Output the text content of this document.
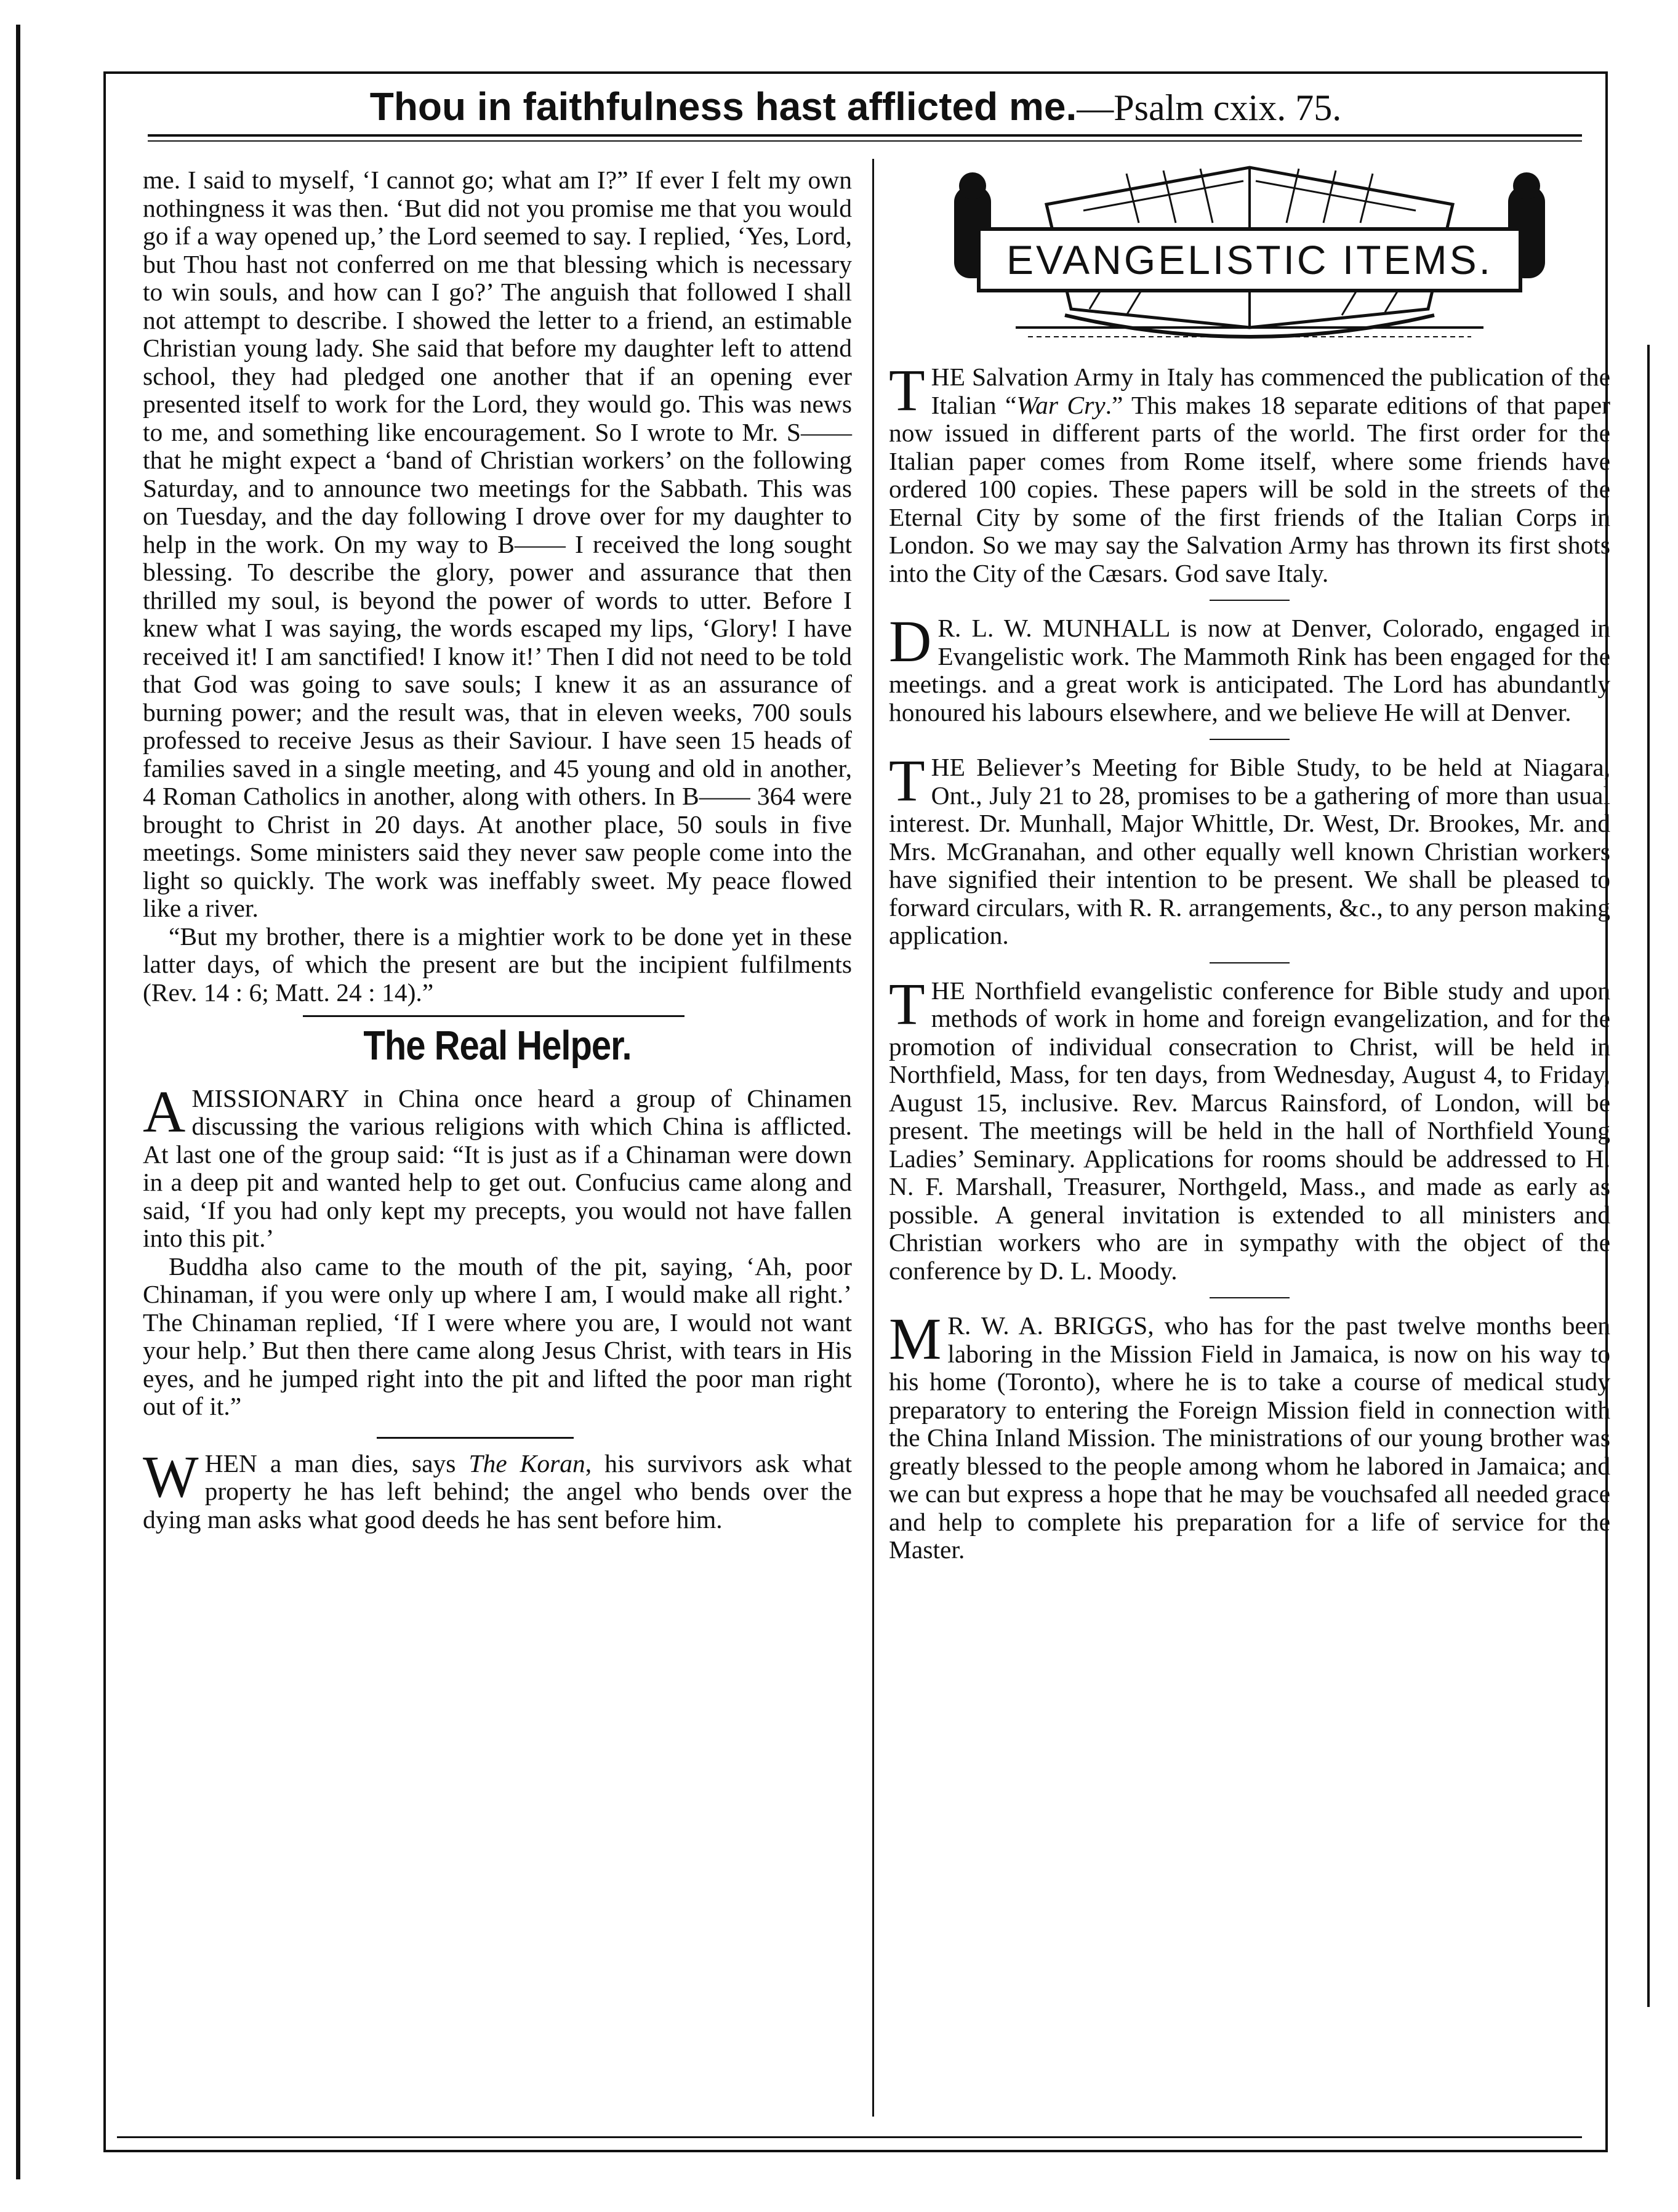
Thou in faithfulness hast afflicted me.—Psalm cxix. 75.

me. I said to myself, ‘I cannot go; what am I?” If ever I felt my own nothingness it was then. ‘But did not you promise me that you would go if a way opened up,’ the Lord seemed to say. I replied, ‘Yes, Lord, but Thou hast not conferred on me that blessing which is necessary to win souls, and how can I go?’ The anguish that followed I shall not attempt to describe. I showed the letter to a friend, an estimable Christian young lady. She said that before my daughter left to attend school, they had pledged one another that if an opening ever presented itself to work for the Lord, they would go. This was news to me, and something like encouragement. So I wrote to Mr. S—— that he might expect a ‘band of Christian workers’ on the following Saturday, and to announce two meetings for the Sabbath. This was on Tuesday, and the day following I drove over for my daughter to help in the work. On my way to B—— I received the long sought blessing. To describe the glory, power and assurance that then thrilled my soul, is beyond the power of words to utter. Before I knew what I was saying, the words escaped my lips, ‘Glory! I have received it! I am sanctified! I know it!’ Then I did not need to be told that God was going to save souls; I knew it as an assurance of burning power; and the result was, that in eleven weeks, 700 souls professed to receive Jesus as their Saviour. I have seen 15 heads of families saved in a single meeting, and 45 young and old in another, 4 Roman Catholics in another, along with others. In B—— 364 were brought to Christ in 20 days. At another place, 50 souls in five meetings. Some ministers said they never saw people come into the light so quickly. The work was ineffably sweet. My peace flowed like a river.

“But my brother, there is a mightier work to be done yet in these latter days, of which the present are but the incipient fulfilments (Rev. 14 : 6; Matt. 24 : 14).”

The Real Helper.

AMISSIONARY in China once heard a group of Chinamen discussing the various religions with which China is afflicted. At last one of the group said: “It is just as if a Chinaman were down in a deep pit and wanted help to get out. Confucius came along and said, ‘If you had only kept my precepts, you would not have fallen into this pit.’

Buddha also came to the mouth of the pit, saying, ‘Ah, poor Chinaman, if you were only up where I am, I would make all right.’ The Chinaman replied, ‘If I were where you are, I would not want your help.’ But then there came along Jesus Christ, with tears in His eyes, and he jumped right into the pit and lifted the poor man right out of it.”

WHEN a man dies, says The Koran, his survivors ask what property he has left behind; the angel who bends over the dying man asks what good deeds he has sent before him.

EVANGELISTIC ITEMS.

THE Salvation Army in Italy has commenced the publication of the Italian “War Cry.” This makes 18 separate editions of that paper now issued in different parts of the world. The first order for the Italian paper comes from Rome itself, where some friends have ordered 100 copies. These papers will be sold in the streets of the Eternal City by some of the first friends of the Italian Corps in London. So we may say the Salvation Army has thrown its first shots into the City of the Cæsars. God save Italy.

D R. L. W. MUNHALL is now at Denver, Colorado, engaged in Evangelistic work. The Mammoth Rink has been engaged for the meetings. and a great work is anticipated. The Lord has abundantly honoured his labours elsewhere, and we believe He will at Denver.

THE Believer’s Meeting for Bible Study, to be held at Niagara, Ont., July 21 to 28, promises to be a gathering of more than usual interest. Dr. Munhall, Major Whittle, Dr. West, Dr. Brookes, Mr. and Mrs. McGranahan, and other equally well known Christian workers have signified their intention to be present. We shall be pleased to forward circulars, with R. R. arrangements, &c., to any person making application.

THE Northfield evangelistic conference for Bible study and upon methods of work in home and foreign evangelization, and for the promotion of individual consecration to Christ, will be held in Northfield, Mass, for ten days, from Wednesday, August 4, to Friday, August 15, inclusive. Rev. Marcus Rainsford, of London, will be present. The meetings will be held in the hall of Northfield Young Ladies’ Seminary. Applications for rooms should be addressed to H. N. F. Marshall, Treasurer, Northgeld, Mass., and made as early as possible. A general invitation is extended to all ministers and Christian workers who are in sympathy with the object of the conference by D. L. Moody.

M R. W. A. BRIGGS, who has for the past twelve months been laboring in the Mission Field in Jamaica, is now on his way to his home (Toronto), where he is to take a course of medical study preparatory to entering the Foreign Mission field in connection with the China Inland Mission. The ministrations of our young brother was greatly blessed to the people among whom he labored in Jamaica; and we can but express a hope that he may be vouchsafed all needed grace and help to complete his preparation for a life of service for the Master.
